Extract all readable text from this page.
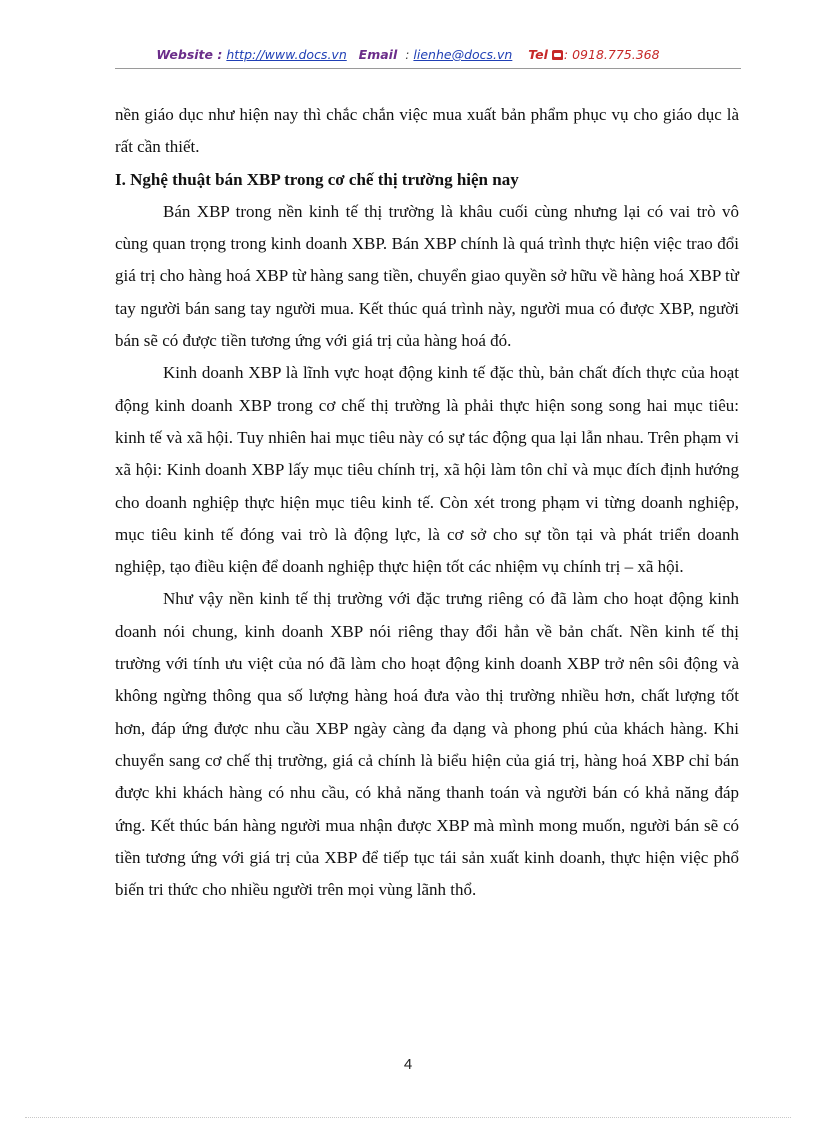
Website : http://www.docs.vn Email : lienhe@docs.vn Tel : 0918.775.368

nền giáo dục như hiện nay thì chắc chắn việc mua xuất bản phẩm phục vụ cho giáo dục là rất cần thiết.

I. Nghệ thuật bán XBP trong cơ chế thị trường hiện nay

Bán XBP trong nền kinh tế thị trường là khâu cuối cùng nhưng lại có vai trò vô cùng quan trọng trong kinh doanh XBP. Bán XBP chính là quá trình thực hiện việc trao đổi giá trị cho hàng hoá XBP từ hàng sang tiền, chuyển giao quyền sở hữu về hàng hoá XBP từ tay người bán sang tay người mua. Kết thúc quá trình này, người mua có được XBP, người bán sẽ có được tiền tương ứng với giá trị của hàng hoá đó.

Kinh doanh XBP là lĩnh vực hoạt động kinh tế đặc thù, bản chất đích thực của hoạt động kinh doanh XBP trong cơ chế thị trường là phải thực hiện song song hai mục tiêu: kinh tế và xã hội. Tuy nhiên hai mục tiêu này có sự tác động qua lại lẫn nhau. Trên phạm vi xã hội: Kinh doanh XBP lấy mục tiêu chính trị, xã hội làm tôn chỉ và mục đích định hướng cho doanh nghiệp thực hiện mục tiêu kinh tế. Còn xét trong phạm vi từng doanh nghiệp, mục tiêu kinh tế đóng vai trò là động lực, là cơ sở cho sự tồn tại và phát triển doanh nghiệp, tạo điều kiện để doanh nghiệp thực hiện tốt các nhiệm vụ chính trị – xã hội.

Như vậy nền kinh tế thị trường với đặc trưng riêng có đã làm cho hoạt động kinh doanh nói chung, kinh doanh XBP nói riêng thay đổi hẳn về bản chất. Nền kinh tế thị trường với tính ưu việt của nó đã làm cho hoạt động kinh doanh XBP trở nên sôi động và không ngừng thông qua số lượng hàng hoá đưa vào thị trường nhiều hơn, chất lượng tốt hơn, đáp ứng được nhu cầu XBP ngày càng đa dạng và phong phú của khách hàng. Khi chuyển sang cơ chế thị trường, giá cả chính là biểu hiện của giá trị, hàng hoá XBP chỉ bán được khi khách hàng có nhu cầu, có khả năng thanh toán và người bán có khả năng đáp ứng. Kết thúc bán hàng người mua nhận được XBP mà mình mong muốn, người bán sẽ có tiền tương ứng với giá trị của XBP để tiếp tục tái sản xuất kinh doanh, thực hiện việc phổ biến tri thức cho nhiều người trên mọi vùng lãnh thổ.

4
